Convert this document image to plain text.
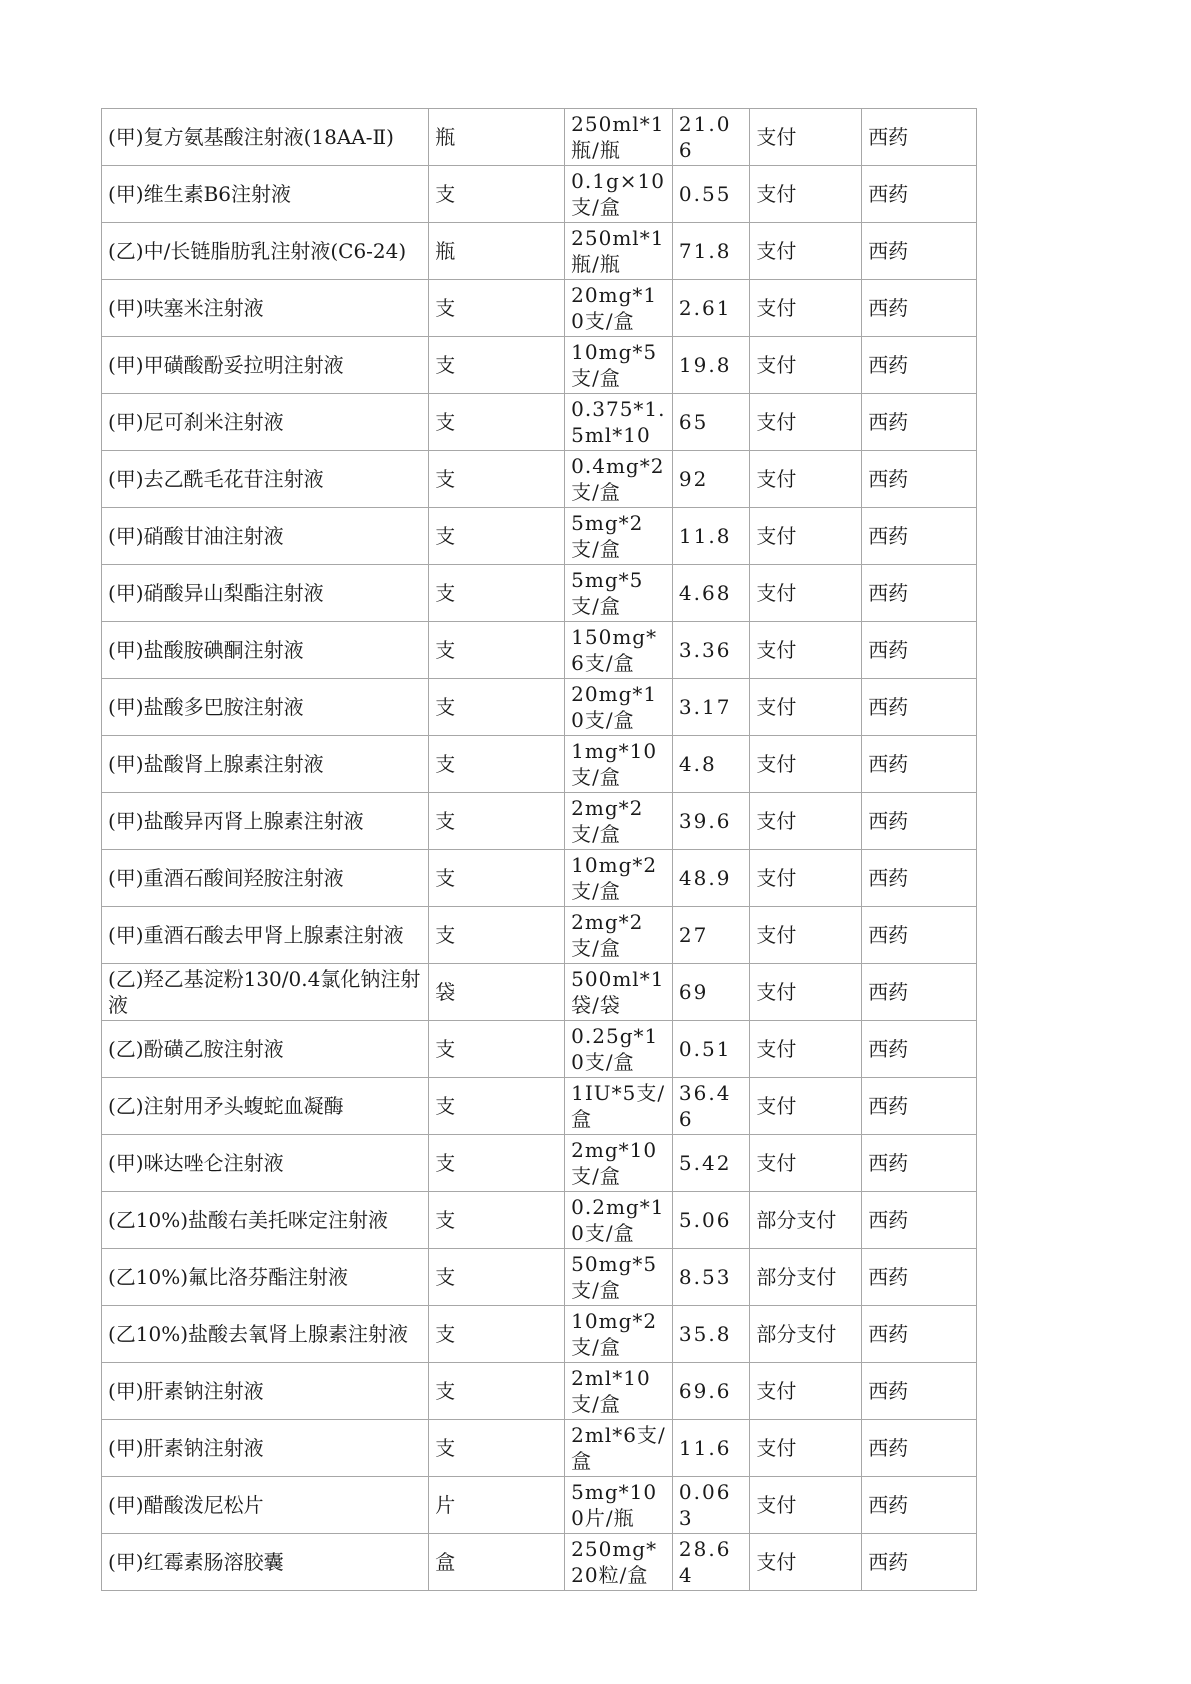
(甲)复方氨基酸注射液(18AA-Ⅱ)	瓶	250ml*1瓶/瓶	21.06	支付	西药
(甲)维生素B6注射液	支	0.1g×10支/盒	0.55	支付	西药
(乙)中/长链脂肪乳注射液(C6-24)	瓶	250ml*1瓶/瓶	71.8	支付	西药
(甲)呋塞米注射液	支	20mg*10支/盒	2.61	支付	西药
(甲)甲磺酸酚妥拉明注射液	支	10mg*5支/盒	19.8	支付	西药
(甲)尼可刹米注射液	支	0.375*1.5ml*10	65	支付	西药
(甲)去乙酰毛花苷注射液	支	0.4mg*2支/盒	92	支付	西药
(甲)硝酸甘油注射液	支	5mg*2支/盒	11.8	支付	西药
(甲)硝酸异山梨酯注射液	支	5mg*5支/盒	4.68	支付	西药
(甲)盐酸胺碘酮注射液	支	150mg*6支/盒	3.36	支付	西药
(甲)盐酸多巴胺注射液	支	20mg*10支/盒	3.17	支付	西药
(甲)盐酸肾上腺素注射液	支	1mg*10支/盒	4.8	支付	西药
(甲)盐酸异丙肾上腺素注射液	支	2mg*2支/盒	39.6	支付	西药
(甲)重酒石酸间羟胺注射液	支	10mg*2支/盒	48.9	支付	西药
(甲)重酒石酸去甲肾上腺素注射液	支	2mg*2支/盒	27	支付	西药
(乙)羟乙基淀粉130/0.4氯化钠注射液	袋	500ml*1袋/袋	69	支付	西药
(乙)酚磺乙胺注射液	支	0.25g*10支/盒	0.51	支付	西药
(乙)注射用矛头蝮蛇血凝酶	支	1IU*5支/盒	36.46	支付	西药
(甲)咪达唑仑注射液	支	2mg*10支/盒	5.42	支付	西药
(乙10%)盐酸右美托咪定注射液	支	0.2mg*10支/盒	5.06	部分支付	西药
(乙10%)氟比洛芬酯注射液	支	50mg*5支/盒	8.53	部分支付	西药
(乙10%)盐酸去氧肾上腺素注射液	支	10mg*2支/盒	35.8	部分支付	西药
(甲)肝素钠注射液	支	2ml*10支/盒	69.6	支付	西药
(甲)肝素钠注射液	支	2ml*6支/盒	11.6	支付	西药
(甲)醋酸泼尼松片	片	5mg*100片/瓶	0.063	支付	西药
(甲)红霉素肠溶胶囊	盒	250mg*20粒/盒	28.64	支付	西药
